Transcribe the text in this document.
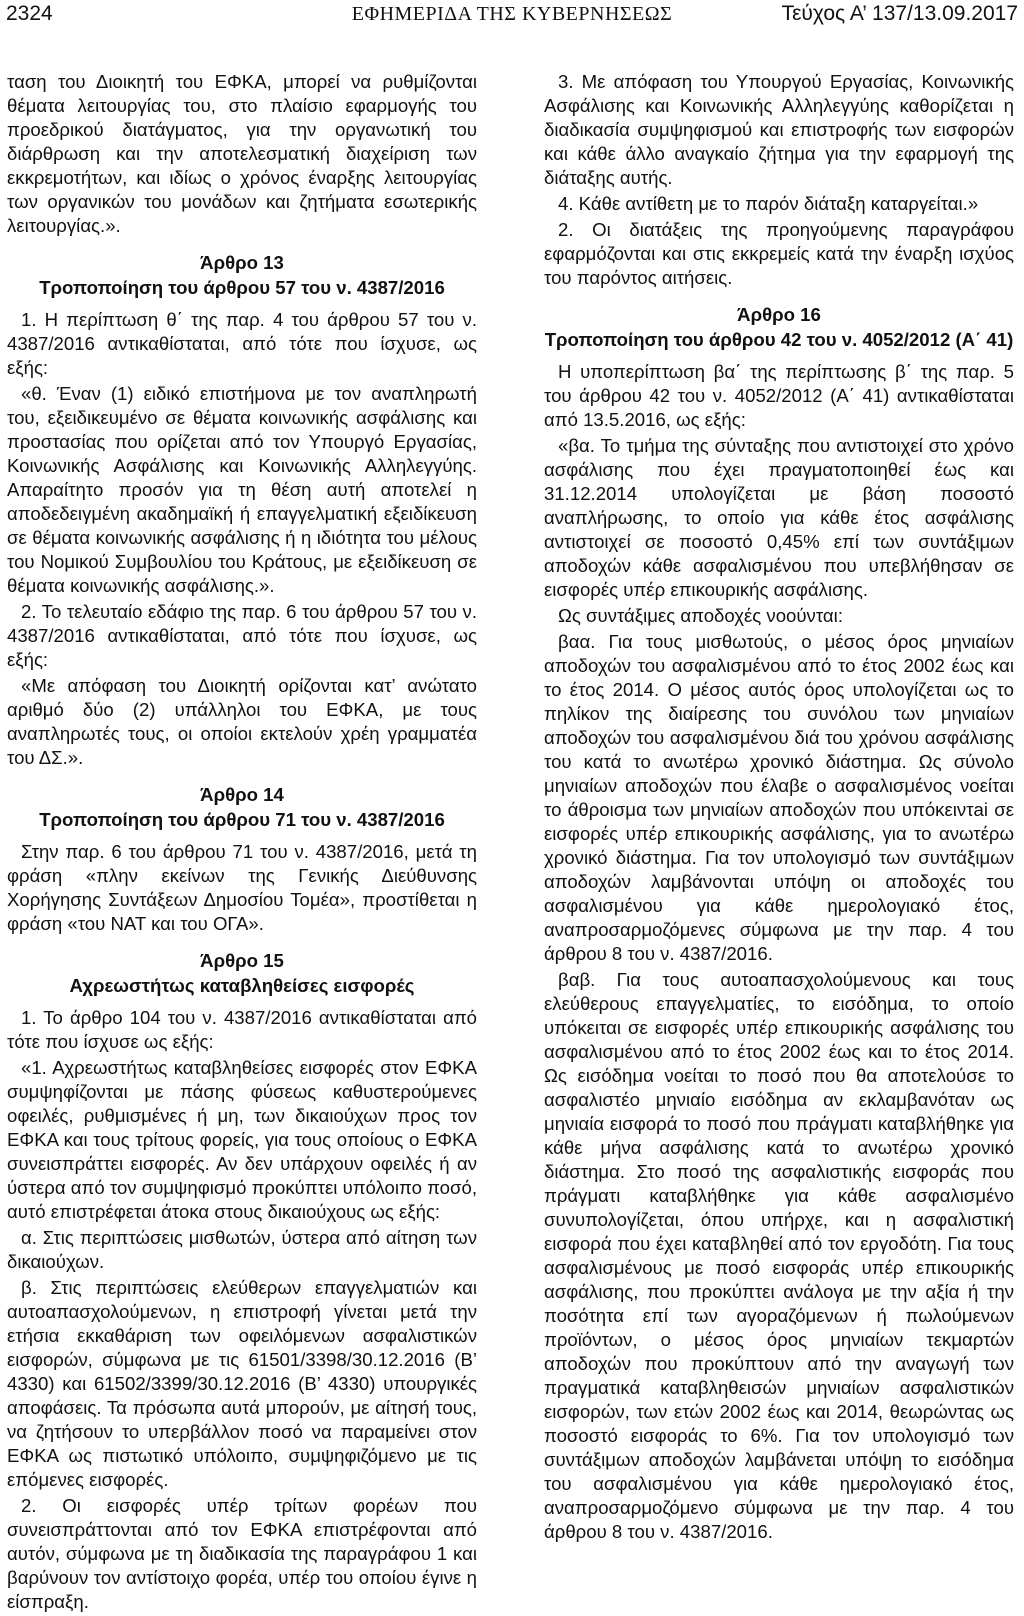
2324	ΕΦΗΜΕΡΙΔΑ ΤΗΣ ΚΥΒΕΡΝΗΣΕΩΣ	Τεύχος Α’ 137/13.09.2017

ταση του Διοικητή του ΕΦΚΑ, μπορεί να ρυθμίζονται θέματα λειτουργίας του, στο πλαίσιο εφαρμογής του προεδρικού διατάγματος, για την οργανωτική του διάρθρωση και την αποτελεσματική διαχείριση των εκκρεμοτήτων, και ιδίως ο χρόνος έναρξης λειτουργίας των οργανικών του μονάδων και ζητήματα εσωτερικής λειτουργίας.».

Άρθρο 13
Τροποποίηση του άρθρου 57 του ν. 4387/2016

1. Η περίπτωση θ΄ της παρ. 4 του άρθρου 57 του ν. 4387/2016 αντικαθίσταται, από τότε που ίσχυσε, ως εξής:

«θ. Έναν (1) ειδικό επιστήμονα με τον αναπληρωτή του, εξειδικευμένο σε θέματα κοινωνικής ασφάλισης και προστασίας που ορίζεται από τον Υπουργό Εργασίας, Κοινωνικής Ασφάλισης και Κοινωνικής Αλληλεγγύης. Απαραίτητο προσόν για τη θέση αυτή αποτελεί η αποδεδειγμένη ακαδημαϊκή ή επαγγελματική εξειδίκευση σε θέματα κοινωνικής ασφάλισης ή η ιδιότητα του μέλους του Νομικού Συμβουλίου του Κράτους, με εξειδίκευση σε θέματα κοινωνικής ασφάλισης.».

2. Το τελευταίο εδάφιο της παρ. 6 του άρθρου 57 του ν. 4387/2016 αντικαθίσταται, από τότε που ίσχυσε, ως εξής:

«Με απόφαση του Διοικητή ορίζονται κατ’ ανώτατο αριθμό δύο (2) υπάλληλοι του ΕΦΚΑ, με τους αναπληρωτές τους, οι οποίοι εκτελούν χρέη γραμματέα του ΔΣ.».

Άρθρο 14
Τροποποίηση του άρθρου 71 του ν. 4387/2016

Στην παρ. 6 του άρθρου 71 του ν. 4387/2016, μετά τη φράση «πλην εκείνων της Γενικής Διεύθυνσης Χορήγησης Συντάξεων Δημοσίου Τομέα», προστίθεται η φράση «του ΝΑΤ και του ΟΓΑ».

Άρθρο 15
Αχρεωστήτως καταβληθείσες εισφορές

1. Το άρθρο 104 του ν. 4387/2016 αντικαθίσταται από τότε που ίσχυσε ως εξής:

«1. Αχρεωστήτως καταβληθείσες εισφορές στον ΕΦΚΑ συμψηφίζονται με πάσης φύσεως καθυστερούμενες οφειλές, ρυθμισμένες ή μη, των δικαιούχων προς τον ΕΦΚΑ και τους τρίτους φορείς, για τους οποίους ο ΕΦΚΑ συνεισπράττει εισφορές. Αν δεν υπάρχουν οφειλές ή αν ύστερα από τον συμψηφισμό προκύπτει υπόλοιπο ποσό, αυτό επιστρέφεται άτοκα στους δικαιούχους ως εξής:

α. Στις περιπτώσεις μισθωτών, ύστερα από αίτηση των δικαιούχων.

β. Στις περιπτώσεις ελεύθερων επαγγελματιών και αυτοαπασχολούμενων, η επιστροφή γίνεται μετά την ετήσια εκκαθάριση των οφειλόμενων ασφαλιστικών εισφορών, σύμφωνα με τις 61501/3398/30.12.2016 (Β’ 4330) και 61502/3399/30.12.2016 (Β’ 4330) υπουργικές αποφάσεις. Τα πρόσωπα αυτά μπορούν, με αίτησή τους, να ζητήσουν το υπερβάλλον ποσό να παραμείνει στον ΕΦΚΑ ως πιστωτικό υπόλοιπο, συμψηφιζόμενο με τις επόμενες εισφορές.

2. Οι εισφορές υπέρ τρίτων φορέων που συνεισπράττονται από τον ΕΦΚΑ επιστρέφονται από αυτόν, σύμφωνα με τη διαδικασία της παραγράφου 1 και βαρύνουν τον αντίστοιχο φορέα, υπέρ του οποίου έγινε η είσπραξη.

3. Με απόφαση του Υπουργού Εργασίας, Κοινωνικής Ασφάλισης και Κοινωνικής Αλληλεγγύης καθορίζεται η διαδικασία συμψηφισμού και επιστροφής των εισφορών και κάθε άλλο αναγκαίο ζήτημα για την εφαρμογή της διάταξης αυτής.

4. Κάθε αντίθετη με το παρόν διάταξη καταργείται.»

2. Οι διατάξεις της προηγούμενης παραγράφου εφαρμόζονται και στις εκκρεμείς κατά την έναρξη ισχύος του παρόντος αιτήσεις.

Άρθρο 16
Τροποποίηση του άρθρου 42 του ν. 4052/2012 (Α΄ 41)

Η υποπερίπτωση βα΄ της περίπτωσης β΄ της παρ. 5 του άρθρου 42 του ν. 4052/2012 (Α΄ 41) αντικαθίσταται από 13.5.2016, ως εξής:

«βα. Το τμήμα της σύνταξης που αντιστοιχεί στο χρόνο ασφάλισης που έχει πραγματοποιηθεί έως και 31.12.2014 υπολογίζεται με βάση ποσοστό αναπλήρωσης, το οποίο για κάθε έτος ασφάλισης αντιστοιχεί σε ποσοστό 0,45% επί των συντάξιμων αποδοχών κάθε ασφαλισμένου που υπεβλήθησαν σε εισφορές υπέρ επικουρικής ασφάλισης.

Ως συντάξιμες αποδοχές νοούνται:

βαα. Για τους μισθωτούς, ο μέσος όρος μηνιαίων αποδοχών του ασφαλισμένου από το έτος 2002 έως και το έτος 2014. Ο μέσος αυτός όρος υπολογίζεται ως το πηλίκον της διαίρεσης του συνόλου των μηνιαίων αποδοχών του ασφαλισμένου διά του χρόνου ασφάλισης του κατά το ανωτέρω χρονικό διάστημα. Ως σύνολο μηνιαίων αποδοχών που έλαβε ο ασφαλισμένος νοείται το άθροισμα των μηνιαίων αποδοχών που υπόκειντai σε εισφορές υπέρ επικουρικής ασφάλισης, για το ανωτέρω χρονικό διάστημα. Για τον υπολογισμό των συντάξιμων αποδοχών λαμβάνονται υπόψη οι αποδοχές του ασφαλισμένου για κάθε ημερολογιακό έτος, αναπροσαρμοζόμενες σύμφωνα με την παρ. 4 του άρθρου 8 του ν. 4387/2016.

βαβ. Για τους αυτοαπασχολούμενους και τους ελεύθερους επαγγελματίες, το εισόδημα, το οποίο υπόκειται σε εισφορές υπέρ επικουρικής ασφάλισης του ασφαλισμένου από το έτος 2002 έως και το έτος 2014. Ως εισόδημα νοείται το ποσό που θα αποτελούσε το ασφαλιστέο μηνιαίο εισόδημα αν εκλαμβανόταν ως μηνιαία εισφορά το ποσό που πράγματι καταβλήθηκε για κάθε μήνα ασφάλισης κατά το ανωτέρω χρονικό διάστημα. Στο ποσό της ασφαλιστικής εισφοράς που πράγματι καταβλήθηκε για κάθε ασφαλισμένο συνυπολογίζεται, όπου υπήρχε, και η ασφαλιστική εισφορά που έχει καταβληθεί από τον εργοδότη. Για τους ασφαλισμένους με ποσό εισφοράς υπέρ επικουρικής ασφάλισης, που προκύπτει ανάλογα με την αξία ή την ποσότητα επί των αγοραζόμενων ή πωλούμενων προϊόντων, ο μέσος όρος μηνιαίων τεκμαρτών αποδοχών που προκύπτουν από την αναγωγή των πραγματικά καταβληθεισών μηνιαίων ασφαλιστικών εισφορών, των ετών 2002 έως και 2014, θεωρώντας ως ποσοστό εισφοράς το 6%. Για τον υπολογισμό των συντάξιμων αποδοχών λαμβάνεται υπόψη το εισόδημα του ασφαλισμένου για κάθε ημερολογιακό έτος, αναπροσαρμοζόμενο σύμφωνα με την παρ. 4 του άρθρου 8 του ν. 4387/2016.
